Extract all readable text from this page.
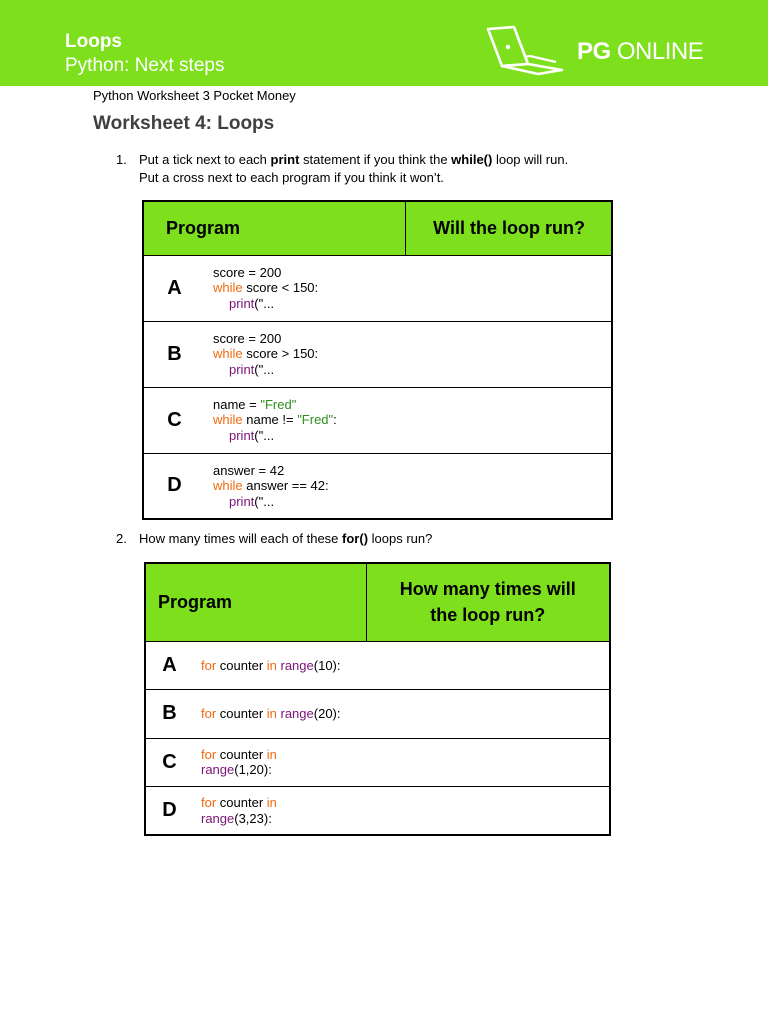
Loops
Python: Next steps
PG ONLINE
Python Worksheet 3 Pocket Money
Worksheet 4: Loops
1. Put a tick next to each print statement if you think the while() loop will run.
Put a cross next to each program if you think it won’t.
Program		Will the loop run?
A	score = 200
while score < 150:
print("...	

B	score = 200
while score > 150:
print("...	

C	name = "Fred"
while name != "Fred":
print("...	

D	answer = 42
while answer == 42:
print("...	

2. How many times will each of these for() loops run?
Program		How many times will
the loop run?
A	for counter in range(10):	
B	for counter in range(20):	
C	for counter in
range(1,20):	
D	for counter in
range(3,23):	
